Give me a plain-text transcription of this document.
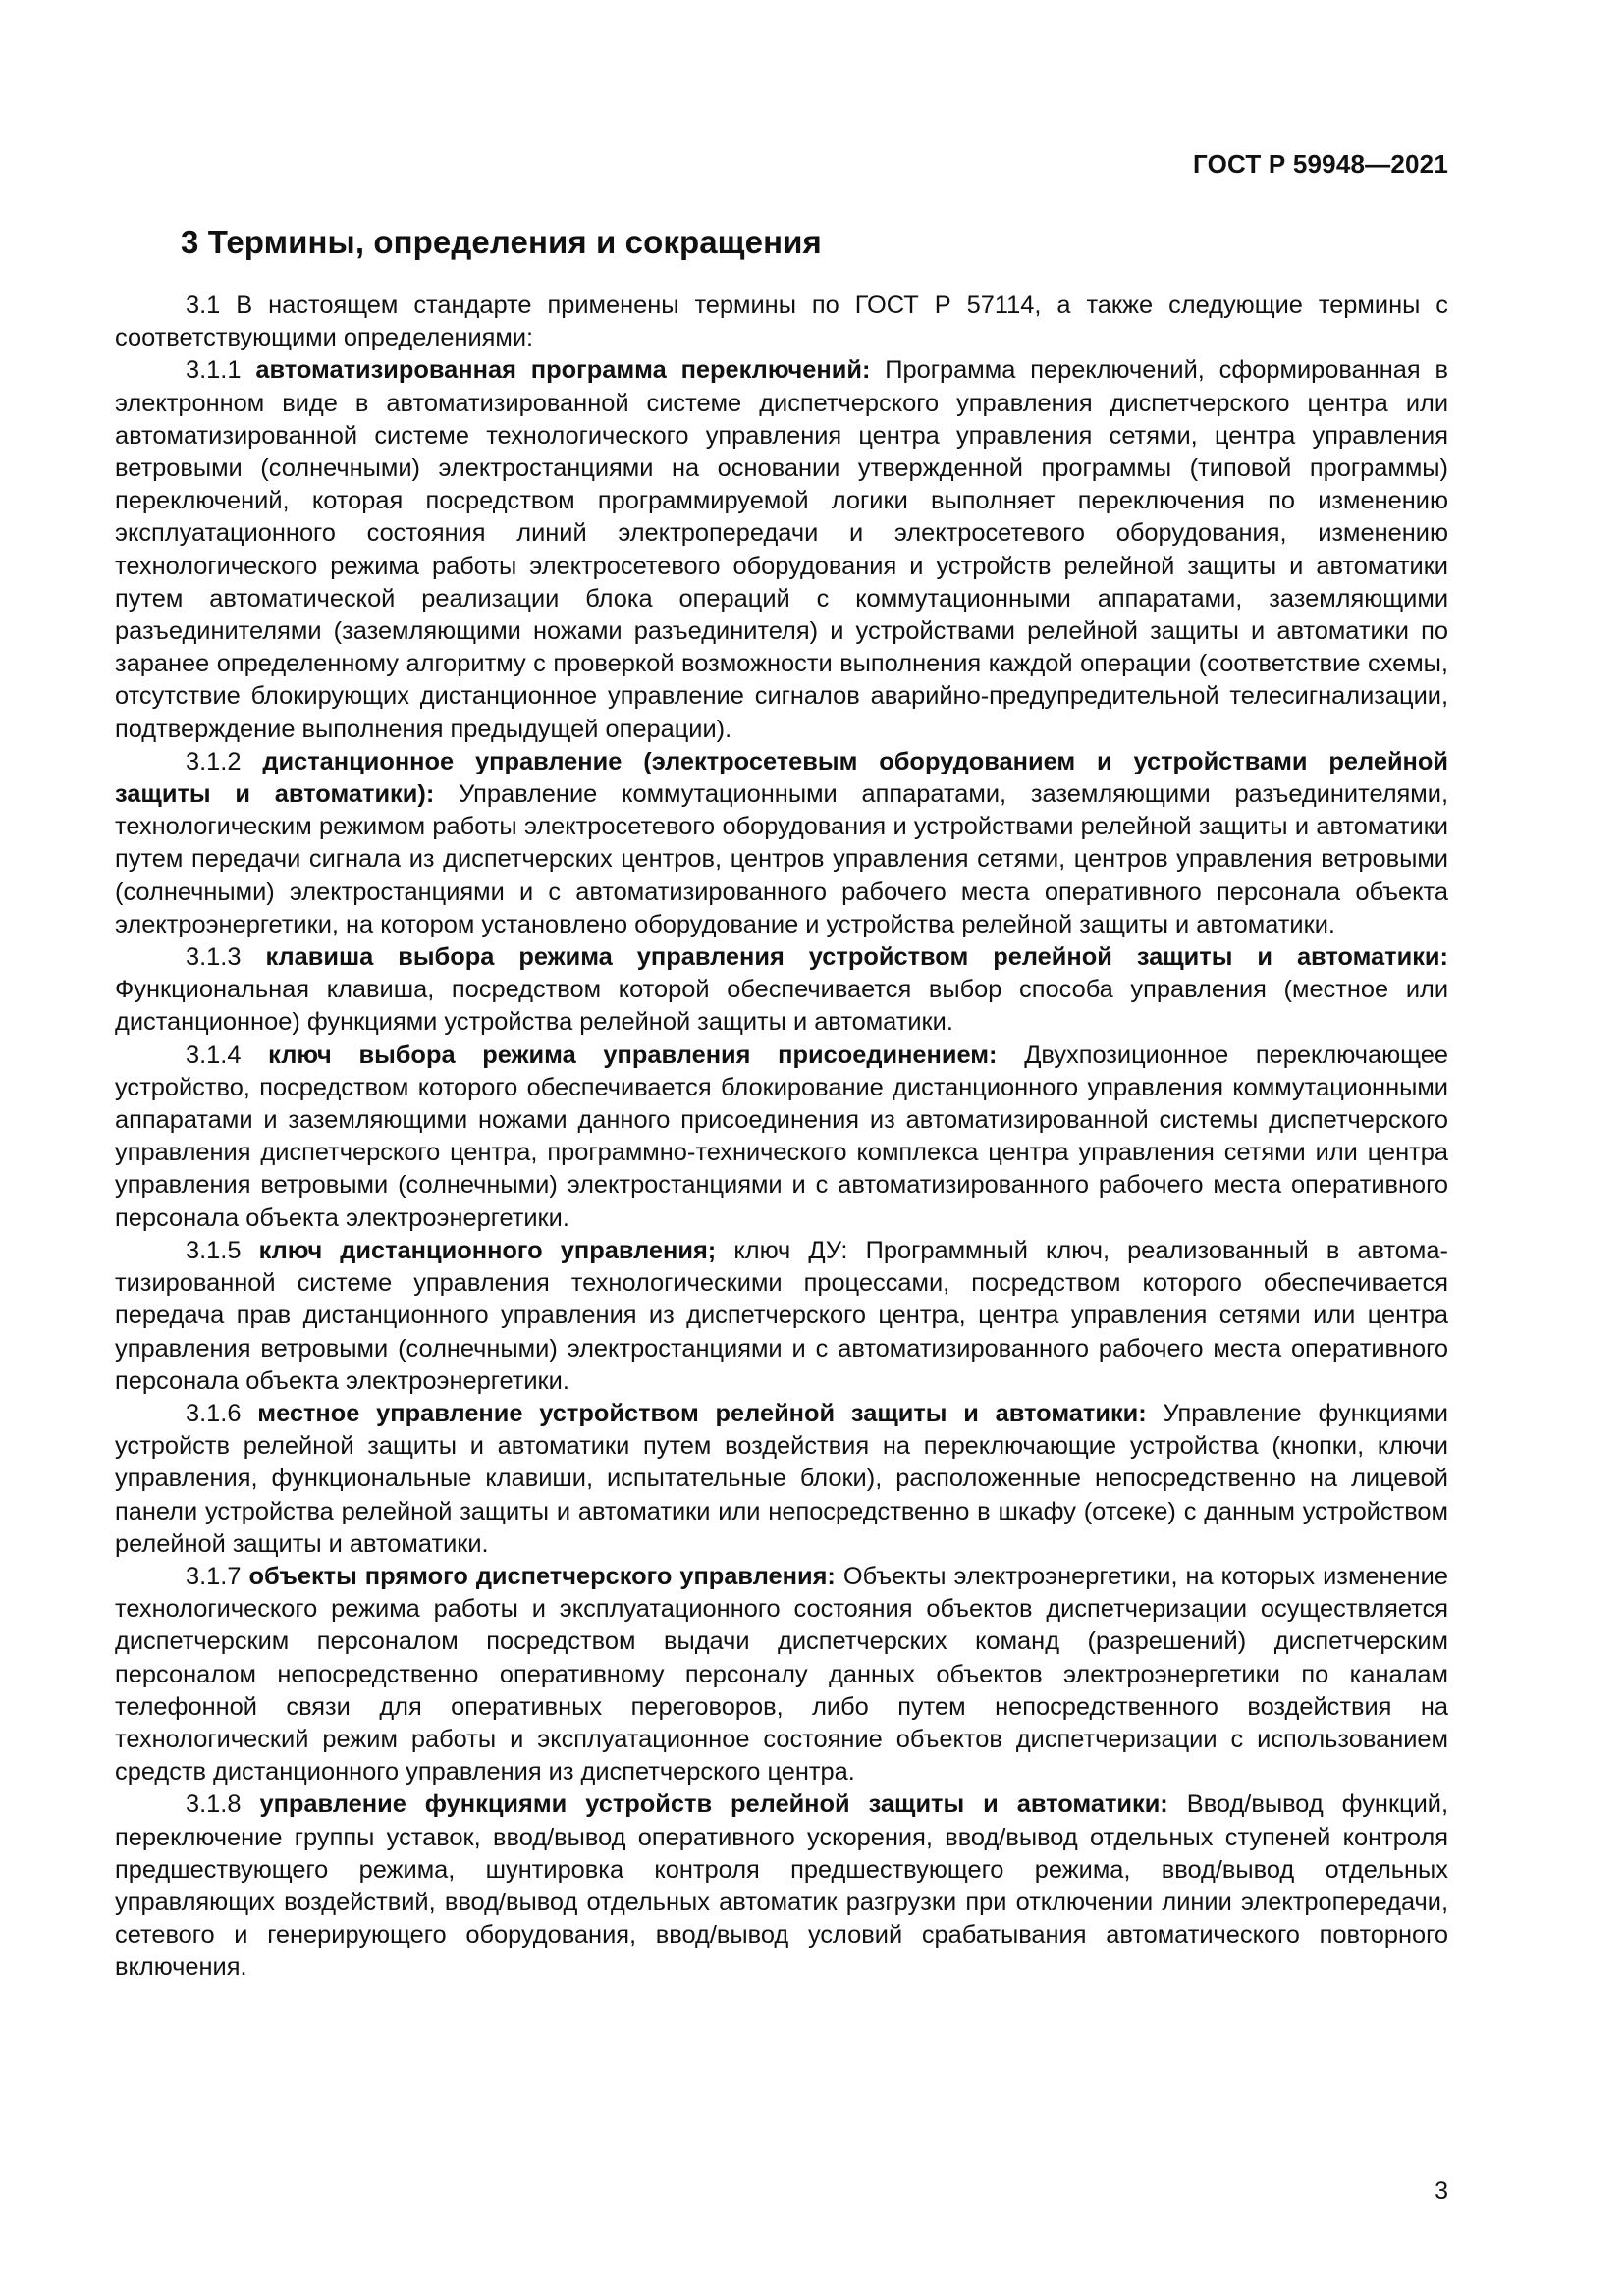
ГОСТ Р 59948—2021
3 Термины, определения и сокращения

3.1 В настоящем стандарте применены термины по ГОСТ Р 57114, а также следующие термины с соответствующими определениями:

3.1.1 автоматизированная программа переключений: Программа переключений, сформированная в электронном виде в автоматизированной системе диспетчерского управления диспетчерского центра или автоматизированной системе технологического управления центра управления сетями, центра управления ветровыми (солнечными) электростанциями на основании утвержденной программы (типовой программы) переключений, которая посредством программируемой логики выполняет переключения по изменению эксплуатационного состояния линий электропередачи и электросетевого оборудования, изменению технологического режима работы электросетевого оборудования и устройств релейной защиты и автоматики путем автоматической реализации блока операций с коммутационными аппаратами, заземляющими разъединителями (заземляющими ножами разъединителя) и устройствами релейной защиты и автоматики по заранее определенному алгоритму с проверкой возможности выполнения каждой операции (соответствие схемы, отсутствие блокирующих дистанционное управление сигналов аварийно-предупредительной телесигнализации, подтверждение выполнения предыдущей операции).

3.1.2 дистанционное управление (электросетевым оборудованием и устройствами релейной защиты и автоматики): Управление коммутационными аппаратами, заземляющими разъединителями, технологическим режимом работы электросетевого оборудования и устройствами релейной защиты и автоматики путем передачи сигнала из диспетчерских центров, центров управления сетями, центров управления ветровыми (солнечными) электростанциями и с автоматизированного рабочего места оперативного персонала объекта электроэнергетики, на котором установлено оборудование и устройства релейной защиты и автоматики.

3.1.3 клавиша выбора режима управления устройством релейной защиты и автоматики: Функциональная клавиша, посредством которой обеспечивается выбор способа управления (местное или дистанционное) функциями устройства релейной защиты и автоматики.

3.1.4 ключ выбора режима управления присоединением: Двухпозиционное переключающее устройство, посредством которого обеспечивается блокирование дистанционного управления коммутационными аппаратами и заземляющими ножами данного присоединения из автоматизированной системы диспетчерского управления диспетчерского центра, программно-технического комплекса центра управления сетями или центра управления ветровыми (солнечными) электростанциями и с автоматизированного рабочего места оперативного персонала объекта электроэнергетики.

3.1.5 ключ дистанционного управления; ключ ДУ: Программный ключ, реализованный в автоматизированной системе управления технологическими процессами, посредством которого обеспечивается передача прав дистанционного управления из диспетчерского центра, центра управления сетями или центра управления ветровыми (солнечными) электростанциями и с автоматизированного рабочего места оперативного персонала объекта электроэнергетики.

3.1.6 местное управление устройством релейной защиты и автоматики: Управление функциями устройств релейной защиты и автоматики путем воздействия на переключающие устройства (кнопки, ключи управления, функциональные клавиши, испытательные блоки), расположенные непосредственно на лицевой панели устройства релейной защиты и автоматики или непосредственно в шкафу (отсеке) с данным устройством релейной защиты и автоматики.

3.1.7 объекты прямого диспетчерского управления: Объекты электроэнергетики, на которых изменение технологического режима работы и эксплуатационного состояния объектов диспетчеризации осуществляется диспетчерским персоналом посредством выдачи диспетчерских команд (разрешений) диспетчерским персоналом непосредственно оперативному персоналу данных объектов электроэнергетики по каналам телефонной связи для оперативных переговоров, либо путем непосредственного воздействия на технологический режим работы и эксплуатационное состояние объектов диспетчеризации с использованием средств дистанционного управления из диспетчерского центра.

3.1.8 управление функциями устройств релейной защиты и автоматики: Ввод/вывод функций, переключение группы уставок, ввод/вывод оперативного ускорения, ввод/вывод отдельных ступеней контроля предшествующего режима, шунтировка контроля предшествующего режима, ввод/вывод отдельных управляющих воздействий, ввод/вывод отдельных автоматик разгрузки при отключении линии электропередачи, сетевого и генерирующего оборудования, ввод/вывод условий срабатывания автоматического повторного включения.

3
